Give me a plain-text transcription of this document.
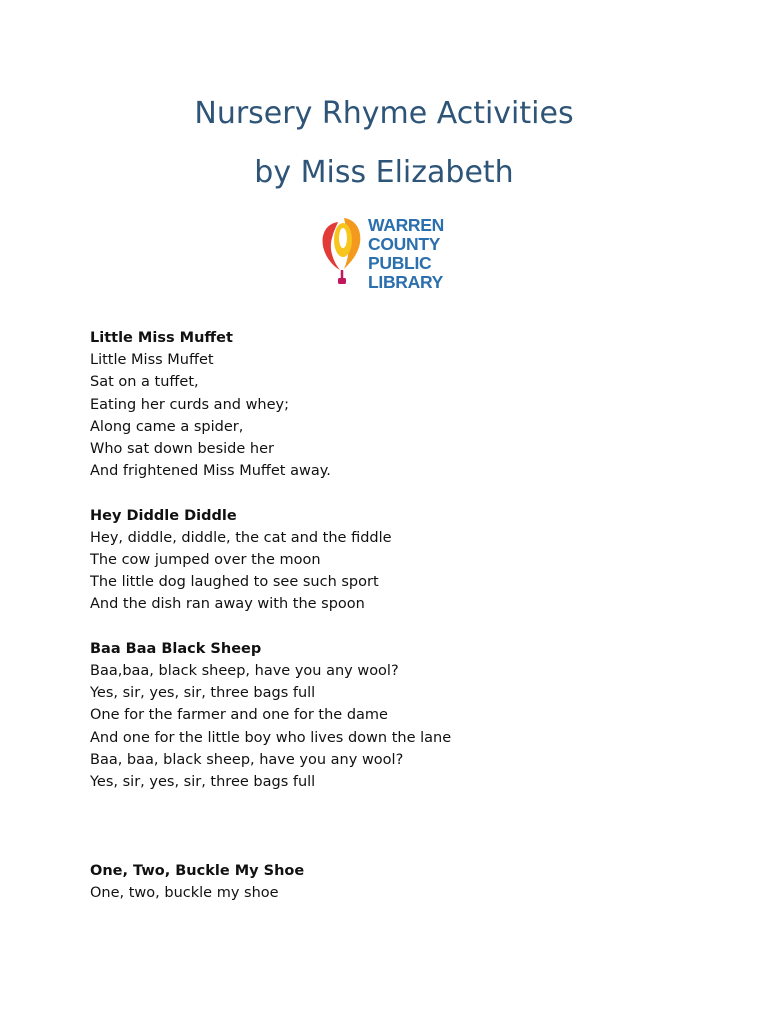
Nursery Rhyme Activities
by Miss Elizabeth
WARREN
COUNTY
PUBLIC
LIBRARY
Little Miss Muffet
Little Miss Muffet
Sat on a tuffet,
Eating her curds and whey;
Along came a spider,
Who sat down beside her
And frightened Miss Muffet away.
Hey Diddle Diddle
Hey, diddle, diddle, the cat and the fiddle
The cow jumped over the moon
The little dog laughed to see such sport
And the dish ran away with the spoon
Baa Baa Black Sheep
Baa,baa, black sheep, have you any wool?
Yes, sir, yes, sir, three bags full
One for the farmer and one for the dame
And one for the little boy who lives down the lane
Baa, baa, black sheep, have you any wool?
Yes, sir, yes, sir, three bags full
One, Two, Buckle My Shoe
One, two, buckle my shoe
